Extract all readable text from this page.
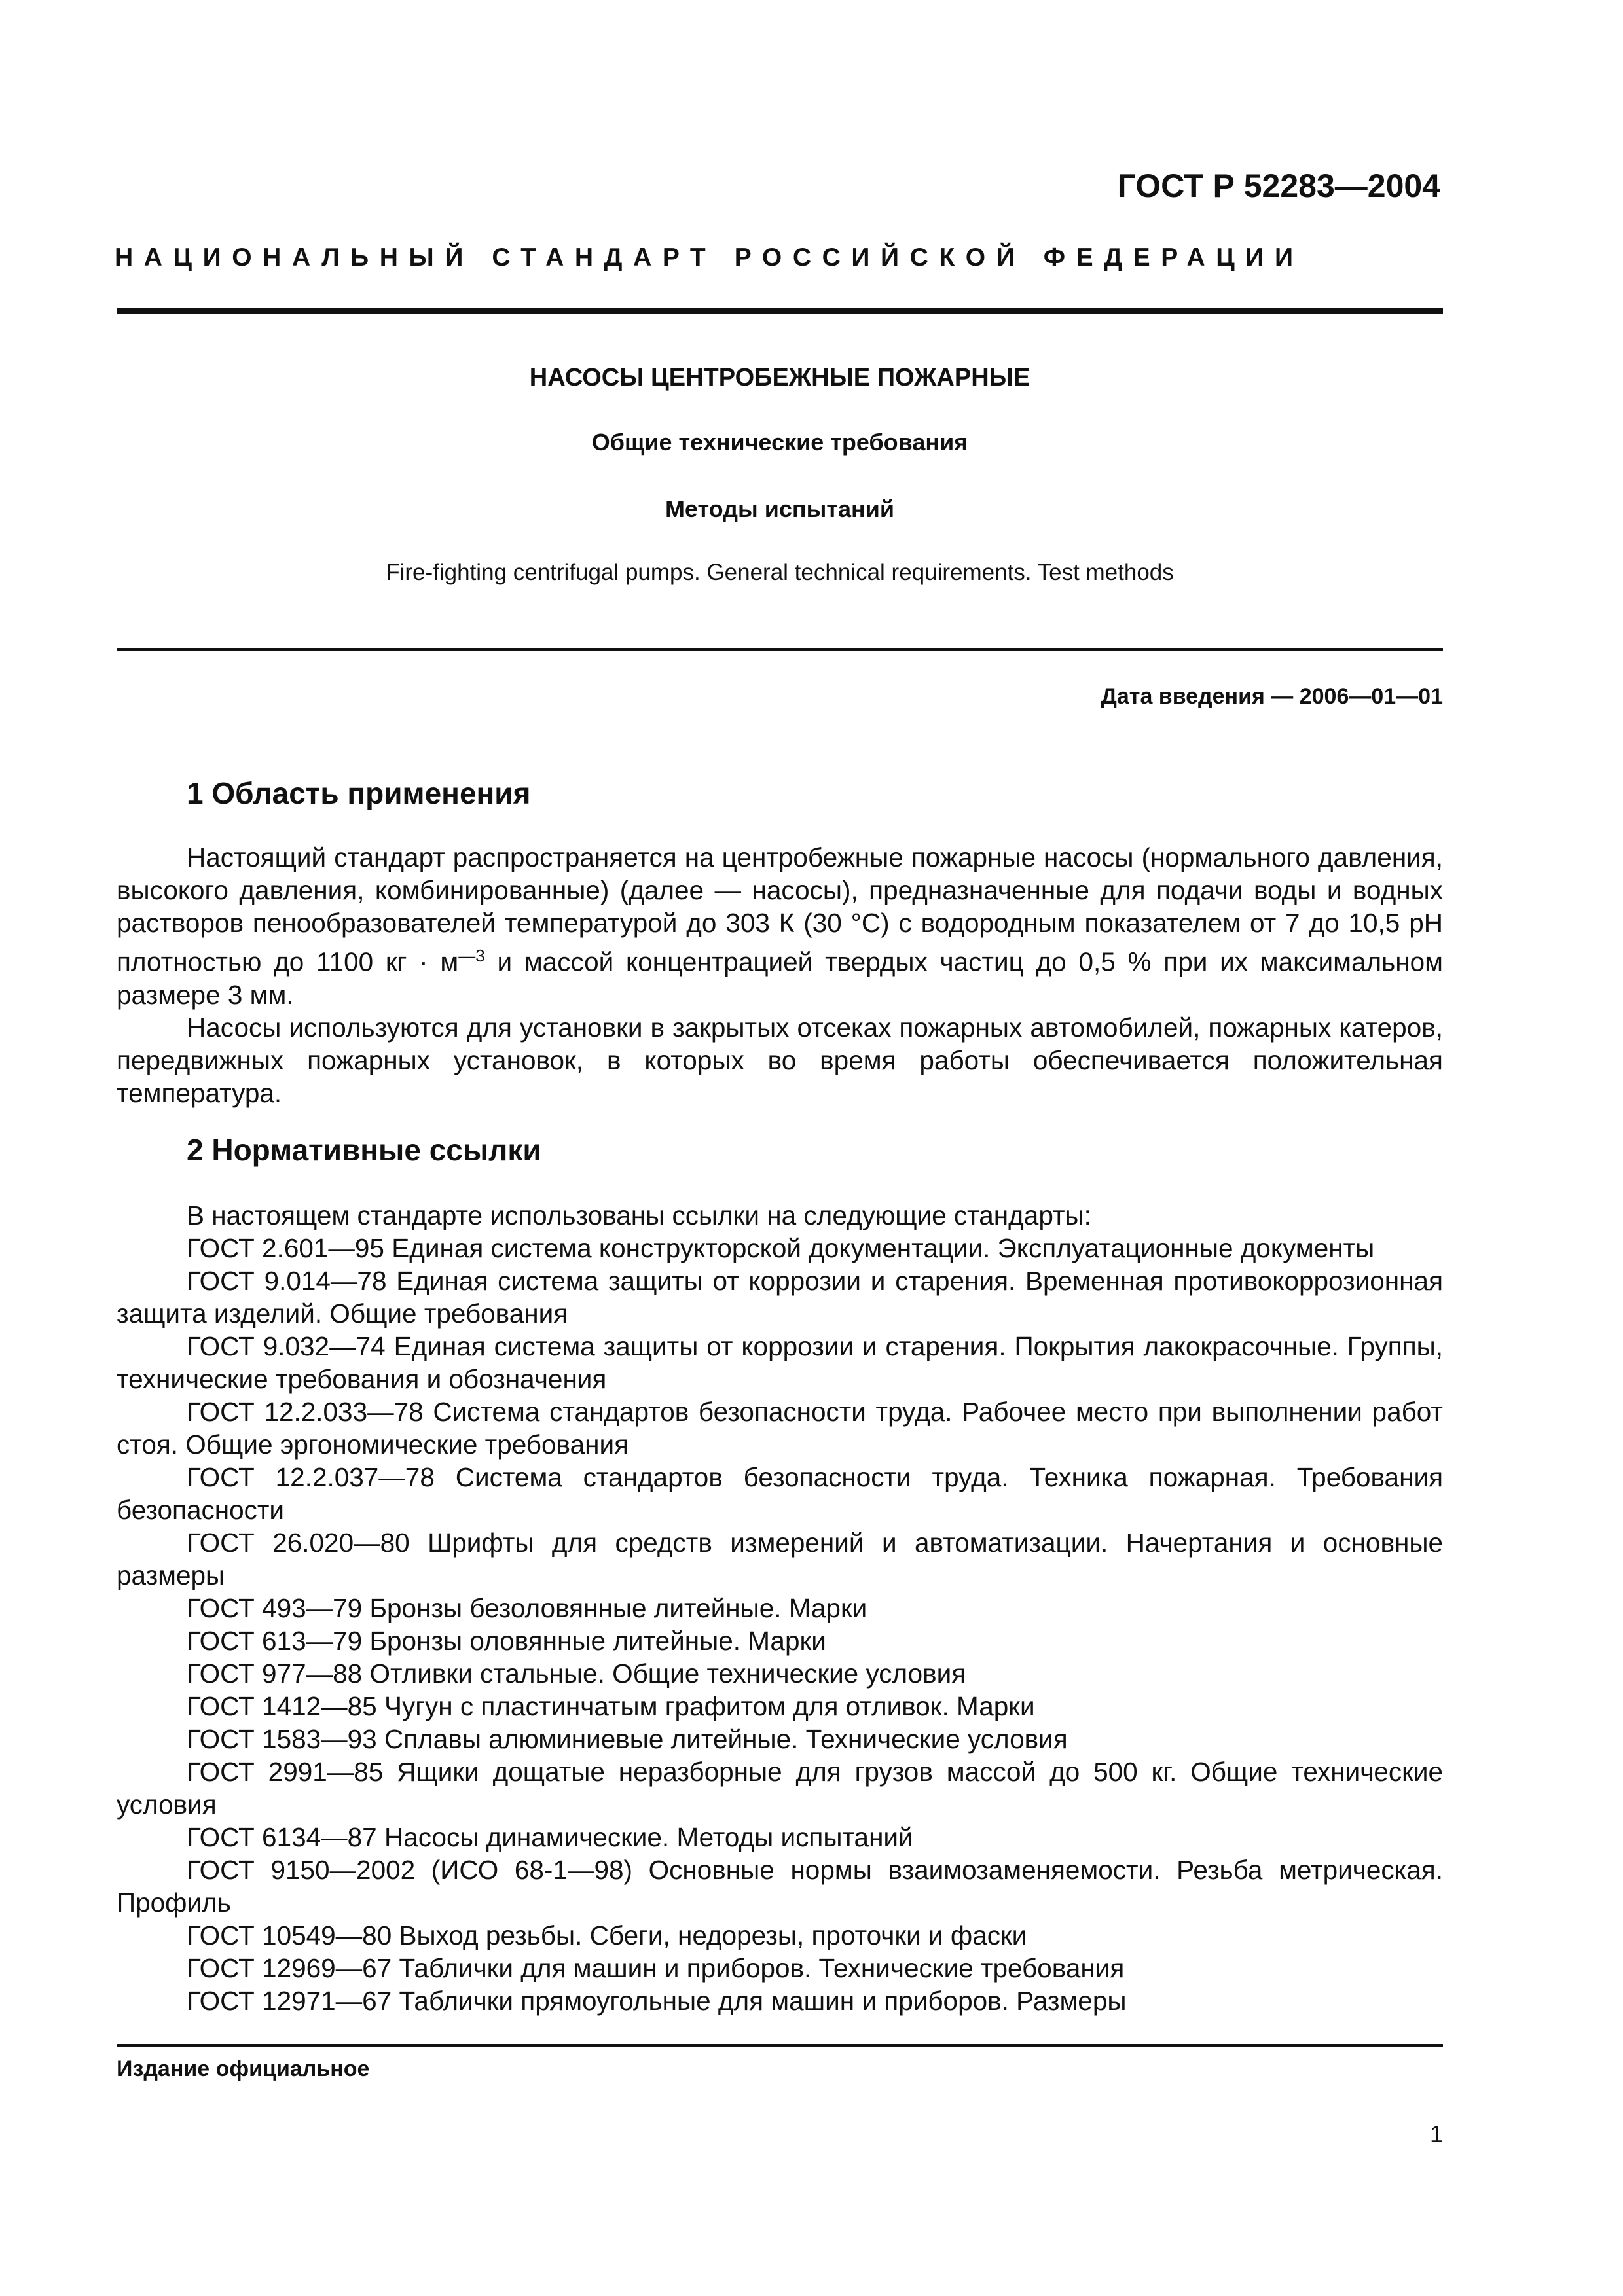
ГОСТ Р 52283—2004
НАЦИОНАЛЬНЫЙ СТАНДАРТ РОССИЙСКОЙ ФЕДЕРАЦИИ
НАСОСЫ ЦЕНТРОБЕЖНЫЕ ПОЖАРНЫЕ
Общие технические требования
Методы испытаний
Fire-fighting centrifugal pumps. General technical requirements. Test methods
Дата введения — 2006—01—01
1 Область применения
Настоящий стандарт распространяется на центробежные пожарные насосы (нормального давления, высокого давления, комбинированные) (далее — насосы), предназначенные для подачи воды и водных растворов пенообразователей температурой до 303 К (30 °С) с водородным показателем от 7 до 10,5 рН плотностью до 1100 кг · $м^{—3}$ и массой концентрацией твердых частиц до 0,5 % при их максимальном размере 3 мм.
Насосы используются для установки в закрытых отсеках пожарных автомобилей, пожарных катеров, передвижных пожарных установок, в которых во время работы обеспечивается положительная температура.
2 Нормативные ссылки
В настоящем стандарте использованы ссылки на следующие стандарты:
ГОСТ 2.601—95 Единая система конструкторской документации. Эксплуатационные документы
ГОСТ 9.014—78 Единая система защиты от коррозии и старения. Временная противокоррозионная защита изделий. Общие требования
ГОСТ 9.032—74 Единая система защиты от коррозии и старения. Покрытия лакокрасочные. Группы, технические требования и обозначения
ГОСТ 12.2.033—78 Система стандартов безопасности труда. Рабочее место при выполнении работ стоя. Общие эргономические требования
ГОСТ 12.2.037—78 Система стандартов безопасности труда. Техника пожарная. Требования безопасности
ГОСТ 26.020—80 Шрифты для средств измерений и автоматизации. Начертания и основные размеры
ГОСТ 493—79 Бронзы безоловянные литейные. Марки
ГОСТ 613—79 Бронзы оловянные литейные. Марки
ГОСТ 977—88 Отливки стальные. Общие технические условия
ГОСТ 1412—85 Чугун с пластинчатым графитом для отливок. Марки
ГОСТ 1583—93 Сплавы алюминиевые литейные. Технические условия
ГОСТ 2991—85 Ящики дощатые неразборные для грузов массой до 500 кг. Общие технические условия
ГОСТ 6134—87 Насосы динамические. Методы испытаний
ГОСТ 9150—2002 (ИСО 68-1—98) Основные нормы взаимозаменяемости. Резьба метрическая. Профиль
ГОСТ 10549—80 Выход резьбы. Сбеги, недорезы, проточки и фаски
ГОСТ 12969—67 Таблички для машин и приборов. Технические требования
ГОСТ 12971—67 Таблички прямоугольные для машин и приборов. Размеры
Издание официальное
1
